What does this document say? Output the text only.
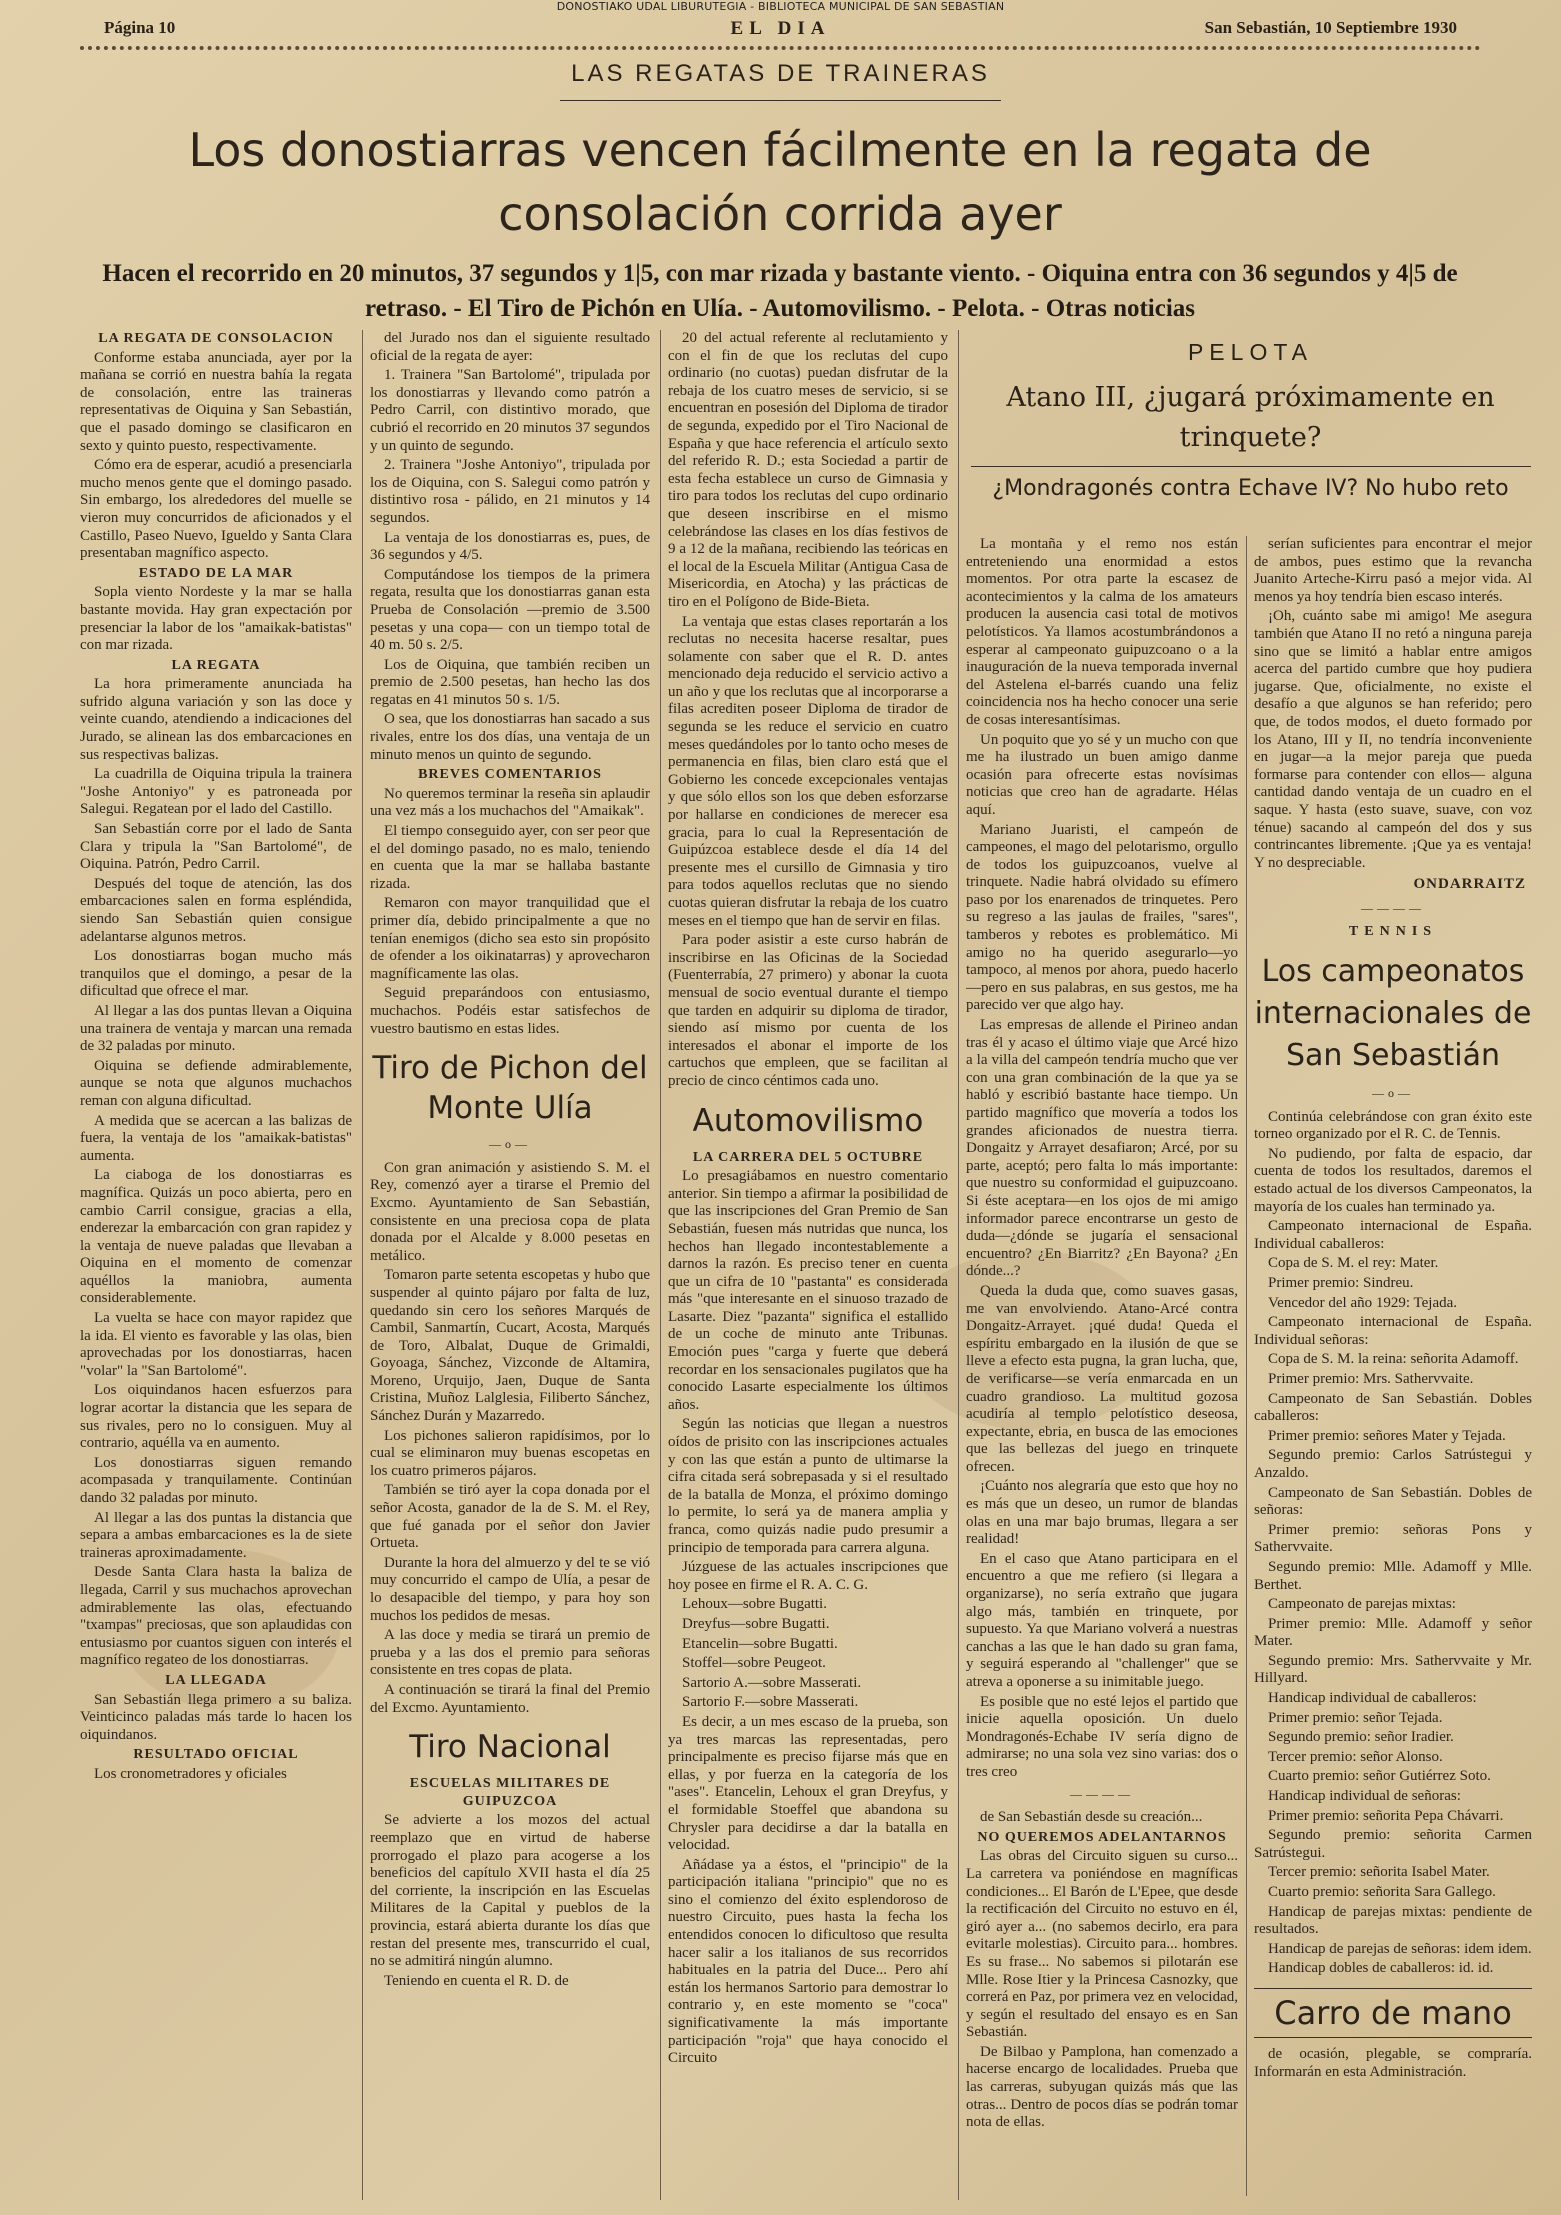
DONOSTIAKO UDAL LIBURUTEGIA - BIBLIOTECA MUNICIPAL DE SAN SEBASTIAN
Página 10	EL DIA	San Sebastián, 10 Septiembre 1930
LAS REGATAS DE TRAINERAS
Los donostiarras vencen fácilmente en la regata de consolación corrida ayer
Hacen el recorrido en 20 minutos, 37 segundos y 1|5, con mar rizada y bastante viento. - Oiquina entra con 36 segundos y 4|5 de retraso. - El Tiro de Pichón en Ulía. - Automovilismo. - Pelota. - Otras noticias

LA REGATA DE CONSOLACION

Conforme estaba anunciada, ayer por la mañana se corrió en nuestra bahía la regata de consolación, entre las traineras representativas de Oiquina y San Sebastián, que el pasado domingo se clasificaron en sexto y quinto puesto, respectivamente.

Cómo era de esperar, acudió a presenciarla mucho menos gente que el domingo pasado. Sin embargo, los alrededores del muelle se vieron muy concurridos de aficionados y el Castillo, Paseo Nuevo, Igueldo y Santa Clara presentaban magnífico aspecto.

ESTADO DE LA MAR

Sopla viento Nordeste y la mar se halla bastante movida. Hay gran expectación por presenciar la labor de los "amaikak-batistas" con mar rizada.

LA REGATA

La hora primeramente anunciada ha sufrido alguna variación y son las doce y veinte cuando, atendiendo a indicaciones del Jurado, se alinean las dos embarcaciones en sus respectivas balizas.

La cuadrilla de Oiquina tripula la trainera "Joshe Antoniyo" y es patroneada por Salegui. Regatean por el lado del Castillo.

San Sebastián corre por el lado de Santa Clara y tripula la "San Bartolomé", de Oiquina. Patrón, Pedro Carril.

Después del toque de atención, las dos embarcaciones salen en forma espléndida, siendo San Sebastián quien consigue adelantarse algunos metros.

Los donostiarras bogan mucho más tranquilos que el domingo, a pesar de la dificultad que ofrece el mar.

Al llegar a las dos puntas llevan a Oiquina una trainera de ventaja y marcan una remada de 32 paladas por minuto.

Oiquina se defiende admirablemente, aunque se nota que algunos muchachos reman con alguna dificultad.

A medida que se acercan a las balizas de fuera, la ventaja de los "amaikak-batistas" aumenta.

La ciaboga de los donostiarras es magnífica. Quizás un poco abierta, pero en cambio Carril consigue, gracias a ella, enderezar la embarcación con gran rapidez y la ventaja de nueve paladas que llevaban a Oiquina en el momento de comenzar aquéllos la maniobra, aumenta considerablemente.

La vuelta se hace con mayor rapidez que la ida. El viento es favorable y las olas, bien aprovechadas por los donostiarras, hacen "volar" la "San Bartolomé".

Los oiquindanos hacen esfuerzos para lograr acortar la distancia que les separa de sus rivales, pero no lo consiguen. Muy al contrario, aquélla va en aumento.

Los donostiarras siguen remando acompasada y tranquilamente. Continúan dando 32 paladas por minuto.

Al llegar a las dos puntas la distancia que separa a ambas embarcaciones es la de siete traineras aproximadamente.

Desde Santa Clara hasta la baliza de llegada, Carril y sus muchachos aprovechan admirablemente las olas, efectuando "txampas" preciosas, que son aplaudidas con entusiasmo por cuantos siguen con interés el magnífico regateo de los donostiarras.

LA LLEGADA

San Sebastián llega primero a su baliza. Veinticinco paladas más tarde lo hacen los oiquindanos.

RESULTADO OFICIAL

Los cronometradores y oficiales

del Jurado nos dan el siguiente resultado oficial de la regata de ayer:

1. Trainera "San Bartolomé", tripulada por los donostiarras y llevando como patrón a Pedro Carril, con distintivo morado, que cubrió el recorrido en 20 minutos 37 segundos y un quinto de segundo.

2. Trainera "Joshe Antoniyo", tripulada por los de Oiquina, con S. Salegui como patrón y distintivo rosa - pálido, en 21 minutos y 14 segundos.

La ventaja de los donostiarras es, pues, de 36 segundos y 4/5.

Computándose los tiempos de la primera regata, resulta que los donostiarras ganan esta Prueba de Consolación —premio de 3.500 pesetas y una copa— con un tiempo total de 40 m. 50 s. 2/5.

Los de Oiquina, que también reciben un premio de 2.500 pesetas, han hecho las dos regatas en 41 minutos 50 s. 1/5.

O sea, que los donostiarras han sacado a sus rivales, entre los dos días, una ventaja de un minuto menos un quinto de segundo.

BREVES COMENTARIOS

No queremos terminar la reseña sin aplaudir una vez más a los muchachos del "Amaikak".

El tiempo conseguido ayer, con ser peor que el del domingo pasado, no es malo, teniendo en cuenta que la mar se hallaba bastante rizada.

Remaron con mayor tranquilidad que el primer día, debido principalmente a que no tenían enemigos (dicho sea esto sin propósito de ofender a los oikinatarras) y aprovecharon magníficamente las olas.

Seguid preparándoos con entusiasmo, muchachos. Podéis estar satisfechos de vuestro bautismo en estas lides.

Tiro de Pichon del Monte Ulía
—o—

Con gran animación y asistiendo S. M. el Rey, comenzó ayer a tirarse el Premio del Excmo. Ayuntamiento de San Sebastián, consistente en una preciosa copa de plata donada por el Alcalde y 8.000 pesetas en metálico.

Tomaron parte setenta escopetas y hubo que suspender al quinto pájaro por falta de luz, quedando sin cero los señores Marqués de Cambil, Sanmartín, Cucart, Acosta, Marqués de Toro, Albalat, Duque de Grimaldi, Goyoaga, Sánchez, Vizconde de Altamira, Moreno, Urquijo, Jaen, Duque de Santa Cristina, Muñoz Lalglesia, Filiberto Sánchez, Sánchez Durán y Mazarredo.

Los pichones salieron rapidísimos, por lo cual se eliminaron muy buenas escopetas en los cuatro primeros pájaros.

También se tiró ayer la copa donada por el señor Acosta, ganador de la de S. M. el Rey, que fué ganada por el señor don Javier Ortueta.

Durante la hora del almuerzo y del te se vió muy concurrido el campo de Ulía, a pesar de lo desapacible del tiempo, y para hoy son muchos los pedidos de mesas.

A las doce y media se tirará un premio de prueba y a las dos el premio para señoras consistente en tres copas de plata.

A continuación se tirará la final del Premio del Excmo. Ayuntamiento.

Tiro Nacional

ESCUELAS MILITARES DE GUIPUZCOA

Se advierte a los mozos del actual reemplazo que en virtud de haberse prorrogado el plazo para acogerse a los beneficios del capítulo XVII hasta el día 25 del corriente, la inscripción en las Escuelas Militares de la Capital y pueblos de la provincia, estará abierta durante los días que restan del presente mes, transcurrido el cual, no se admitirá ningún alumno.

Teniendo en cuenta el R. D. de

20 del actual referente al reclutamiento y con el fin de que los reclutas del cupo ordinario (no cuotas) puedan disfrutar de la rebaja de los cuatro meses de servicio, si se encuentran en posesión del Diploma de tirador de segunda, expedido por el Tiro Nacional de España y que hace referencia el artículo sexto del referido R. D.; esta Sociedad a partir de esta fecha establece un curso de Gimnasia y tiro para todos los reclutas del cupo ordinario que deseen inscribirse en el mismo celebrándose las clases en los días festivos de 9 a 12 de la mañana, recibiendo las teóricas en el local de la Escuela Militar (Antigua Casa de Misericordia, en Atocha) y las prácticas de tiro en el Polígono de Bide-Bieta.

La ventaja que estas clases reportarán a los reclutas no necesita hacerse resaltar, pues solamente con saber que el R. D. antes mencionado deja reducido el servicio activo a un año y que los reclutas que al incorporarse a filas acrediten poseer Diploma de tirador de segunda se les reduce el servicio en cuatro meses quedándoles por lo tanto ocho meses de permanencia en filas, bien claro está que el Gobierno les concede excepcionales ventajas y que sólo ellos son los que deben esforzarse por hallarse en condiciones de merecer esa gracia, para lo cual la Representación de Guipúzcoa establece desde el día 14 del presente mes el cursillo de Gimnasia y tiro para todos aquellos reclutas que no siendo cuotas quieran disfrutar la rebaja de los cuatro meses en el tiempo que han de servir en filas.

Para poder asistir a este curso habrán de inscribirse en las Oficinas de la Sociedad (Fuenterrabía, 27 primero) y abonar la cuota mensual de socio eventual durante el tiempo que tarden en adquirir su diploma de tirador, siendo así mismo por cuenta de los interesados el abonar el importe de los cartuchos que empleen, que se facilitan al precio de cinco céntimos cada uno.

Automovilismo

LA CARRERA DEL 5 OCTUBRE

Lo presagiábamos en nuestro comentario anterior. Sin tiempo a afirmar la posibilidad de que las inscripciones del Gran Premio de San Sebastián, fuesen más nutridas que nunca, los hechos han llegado incontestablemente a darnos la razón. Es preciso tener en cuenta que un cifra de 10 "pastanta" es considerada más "que interesante en el sinuoso trazado de Lasarte. Diez "pazanta" significa el estallido de un coche de minuto ante Tribunas. Emoción pues "carga y fuerte que deberá recordar en los sensacionales pugilatos que ha conocido Lasarte especialmente los últimos años.

Según las noticias que llegan a nuestros oídos de prisito con las inscripciones actuales y con las que están a punto de ultimarse la cifra citada será sobrepasada y si el resultado de la batalla de Monza, el próximo domingo lo permite, lo será ya de manera amplia y franca, como quizás nadie pudo presumir a principio de temporada para carrera alguna.

Júzguese de las actuales inscripciones que hoy posee en firme el R. A. C. G.

Lehoux—sobre Bugatti.

Dreyfus—sobre Bugatti.

Etancelin—sobre Bugatti.

Stoffel—sobre Peugeot.

Sartorio A.—sobre Masserati.

Sartorio F.—sobre Masserati.

Es decir, a un mes escaso de la prueba, son ya tres marcas las representadas, pero principalmente es preciso fijarse más que en ellas, y por fuerza en la categoría de los "ases". Etancelin, Lehoux el gran Dreyfus, y el formidable Stoeffel que abandona su Chrysler para decidirse a dar la batalla en velocidad.

Añádase ya a éstos, el "principio" de la participación italiana "principio" que no es sino el comienzo del éxito esplendoroso de nuestro Circuito, pues hasta la fecha los entendidos conocen lo dificultoso que resulta hacer salir a los italianos de sus recorridos habituales en la patria del Duce... Pero ahí están los hermanos Sartorio para demostrar lo contrario y, en este momento se "coca" significativamente la más importante participación "roja" que haya conocido el Circuito

PELOTA
Atano III, ¿jugará próximamente en trinquete?
¿Mondragonés contra Echave IV? No hubo reto

La montaña y el remo nos están entreteniendo una enormidad a estos momentos. Por otra parte la escasez de acontecimientos y la calma de los amateurs producen la ausencia casi total de motivos pelotísticos. Ya llamos acostumbrándonos a esperar al campeonato guipuzcoano o a la inauguración de la nueva temporada invernal del Astelena el-barrés cuando una feliz coincidencia nos ha hecho conocer una serie de cosas interesantísimas.

Un poquito que yo sé y un mucho con que me ha ilustrado un buen amigo danme ocasión para ofrecerte estas novísimas noticias que creo han de agradarte. Hélas aquí.

Mariano Juaristi, el campeón de campeones, el mago del pelotarismo, orgullo de todos los guipuzcoanos, vuelve al trinquete. Nadie habrá olvidado su efímero paso por los enarenados de trinquetes. Pero su regreso a las jaulas de frailes, "sares", tamberos y rebotes es problemático. Mi amigo no ha querido asegurarlo—yo tampoco, al menos por ahora, puedo hacerlo—pero en sus palabras, en sus gestos, me ha parecido ver que algo hay.

Las empresas de allende el Pirineo andan tras él y acaso el último viaje que Arcé hizo a la villa del campeón tendría mucho que ver con una gran combinación de la que ya se habló y escribió bastante hace tiempo. Un partido magnífico que movería a todos los grandes aficionados de nuestra tierra. Dongaitz y Arrayet desafiaron; Arcé, por su parte, aceptó; pero falta lo más importante: que nuestro su conformidad el guipuzcoano. Si éste aceptara—en los ojos de mi amigo informador parece encontrarse un gesto de duda—¿dónde se jugaría el sensacional encuentro? ¿En Biarritz? ¿En Bayona? ¿En dónde...?

Queda la duda que, como suaves gasas, me van envolviendo. Atano-Arcé contra Dongaitz-Arrayet. ¡qué duda! Queda el espíritu embargado en la ilusión de que se lleve a efecto esta pugna, la gran lucha, que, de verificarse—se vería enmarcada en un cuadro grandioso. La multitud gozosa acudiría al templo pelotístico deseosa, expectante, ebria, en busca de las emociones que las bellezas del juego en trinquete ofrecen.

¡Cuánto nos alegraría que esto que hoy no es más que un deseo, un rumor de blandas olas en una mar bajo brumas, llegara a ser realidad!

En el caso que Atano participara en el encuentro a que me refiero (si llegara a organizarse), no sería extraño que jugara algo más, también en trinquete, por supuesto. Ya que Mariano volverá a nuestras canchas a las que le han dado su gran fama, y seguirá esperando al "challenger" que se atreva a oponerse a su inimitable juego.

Es posible que no esté lejos el partido que inicie aquella oposición. Un duelo Mondragonés-Echabe IV sería digno de admirarse; no una sola vez sino varias: dos o tres creo

————

de San Sebastián desde su creación...

NO QUEREMOS ADELANTARNOS

Las obras del Circuito siguen su curso... La carretera va poniéndose en magníficas condiciones... El Barón de L'Epee, que desde la rectificación del Circuito no estuvo en él, giró ayer a... (no sabemos decirlo, era para evitarle molestias). Circuito para... hombres. Es su frase... No sabemos si pilotarán ese Mlle. Rose Itier y la Princesa Casnozky, que correrá en Paz, por primera vez en velocidad, y según el resultado del ensayo es en San Sebastián.

De Bilbao y Pamplona, han comenzado a hacerse encargo de localidades. Prueba que las carreras, subyugan quizás más que las otras... Dentro de pocos días se podrán tomar nota de ellas.

serían suficientes para encontrar el mejor de ambos, pues estimo que la revancha Juanito Arteche-Kirru pasó a mejor vida. Al menos ya hoy tendría bien escaso interés.

¡Oh, cuánto sabe mi amigo! Me asegura también que Atano II no retó a ninguna pareja sino que se limitó a hablar entre amigos acerca del partido cumbre que hoy pudiera jugarse. Que, oficialmente, no existe el desafío a que algunos se han referido; pero que, de todos modos, el dueto formado por los Atano, III y II, no tendría inconveniente en jugar—a la mejor pareja que pueda formarse para contender con ellos— alguna cantidad dando ventaja de un cuadro en el saque. Y hasta (esto suave, suave, con voz ténue) sacando al campeón del dos y sus contrincantes libremente. ¡Que ya es ventaja! Y no despreciable.

ONDARRAITZ
————

TENNIS

Los campeonatos internacionales de San Sebastián
—o—

Continúa celebrándose con gran éxito este torneo organizado por el R. C. de Tennis.

No pudiendo, por falta de espacio, dar cuenta de todos los resultados, daremos el estado actual de los diversos Campeonatos, la mayoría de los cuales han terminado ya.

Campeonato internacional de España. Individual caballeros:

Copa de S. M. el rey: Mater.

Primer premio: Sindreu.

Vencedor del año 1929: Tejada.

Campeonato internacional de España. Individual señoras:

Copa de S. M. la reina: señorita Adamoff.

Primer premio: Mrs. Sathervvaite.

Campeonato de San Sebastián. Dobles caballeros:

Primer premio: señores Mater y Tejada.

Segundo premio: Carlos Satrústegui y Anzaldo.

Campeonato de San Sebastián. Dobles de señoras:

Primer premio: señoras Pons y Sathervvaite.

Segundo premio: Mlle. Adamoff y Mlle. Berthet.

Campeonato de parejas mixtas:

Primer premio: Mlle. Adamoff y señor Mater.

Segundo premio: Mrs. Sathervvaite y Mr. Hillyard.

Handicap individual de caballeros:

Primer premio: señor Tejada.

Segundo premio: señor Iradier.

Tercer premio: señor Alonso.

Cuarto premio: señor Gutiérrez Soto.

Handicap individual de señoras:

Primer premio: señorita Pepa Chávarri.

Segundo premio: señorita Carmen Satrústegui.

Tercer premio: señorita Isabel Mater.

Cuarto premio: señorita Sara Gallego.

Handicap de parejas mixtas: pendiente de resultados.

Handicap de parejas de señoras: idem idem.

Handicap dobles de caballeros: id. id.

Carro de mano

de ocasión, plegable, se compraría. Informarán en esta Administración.
